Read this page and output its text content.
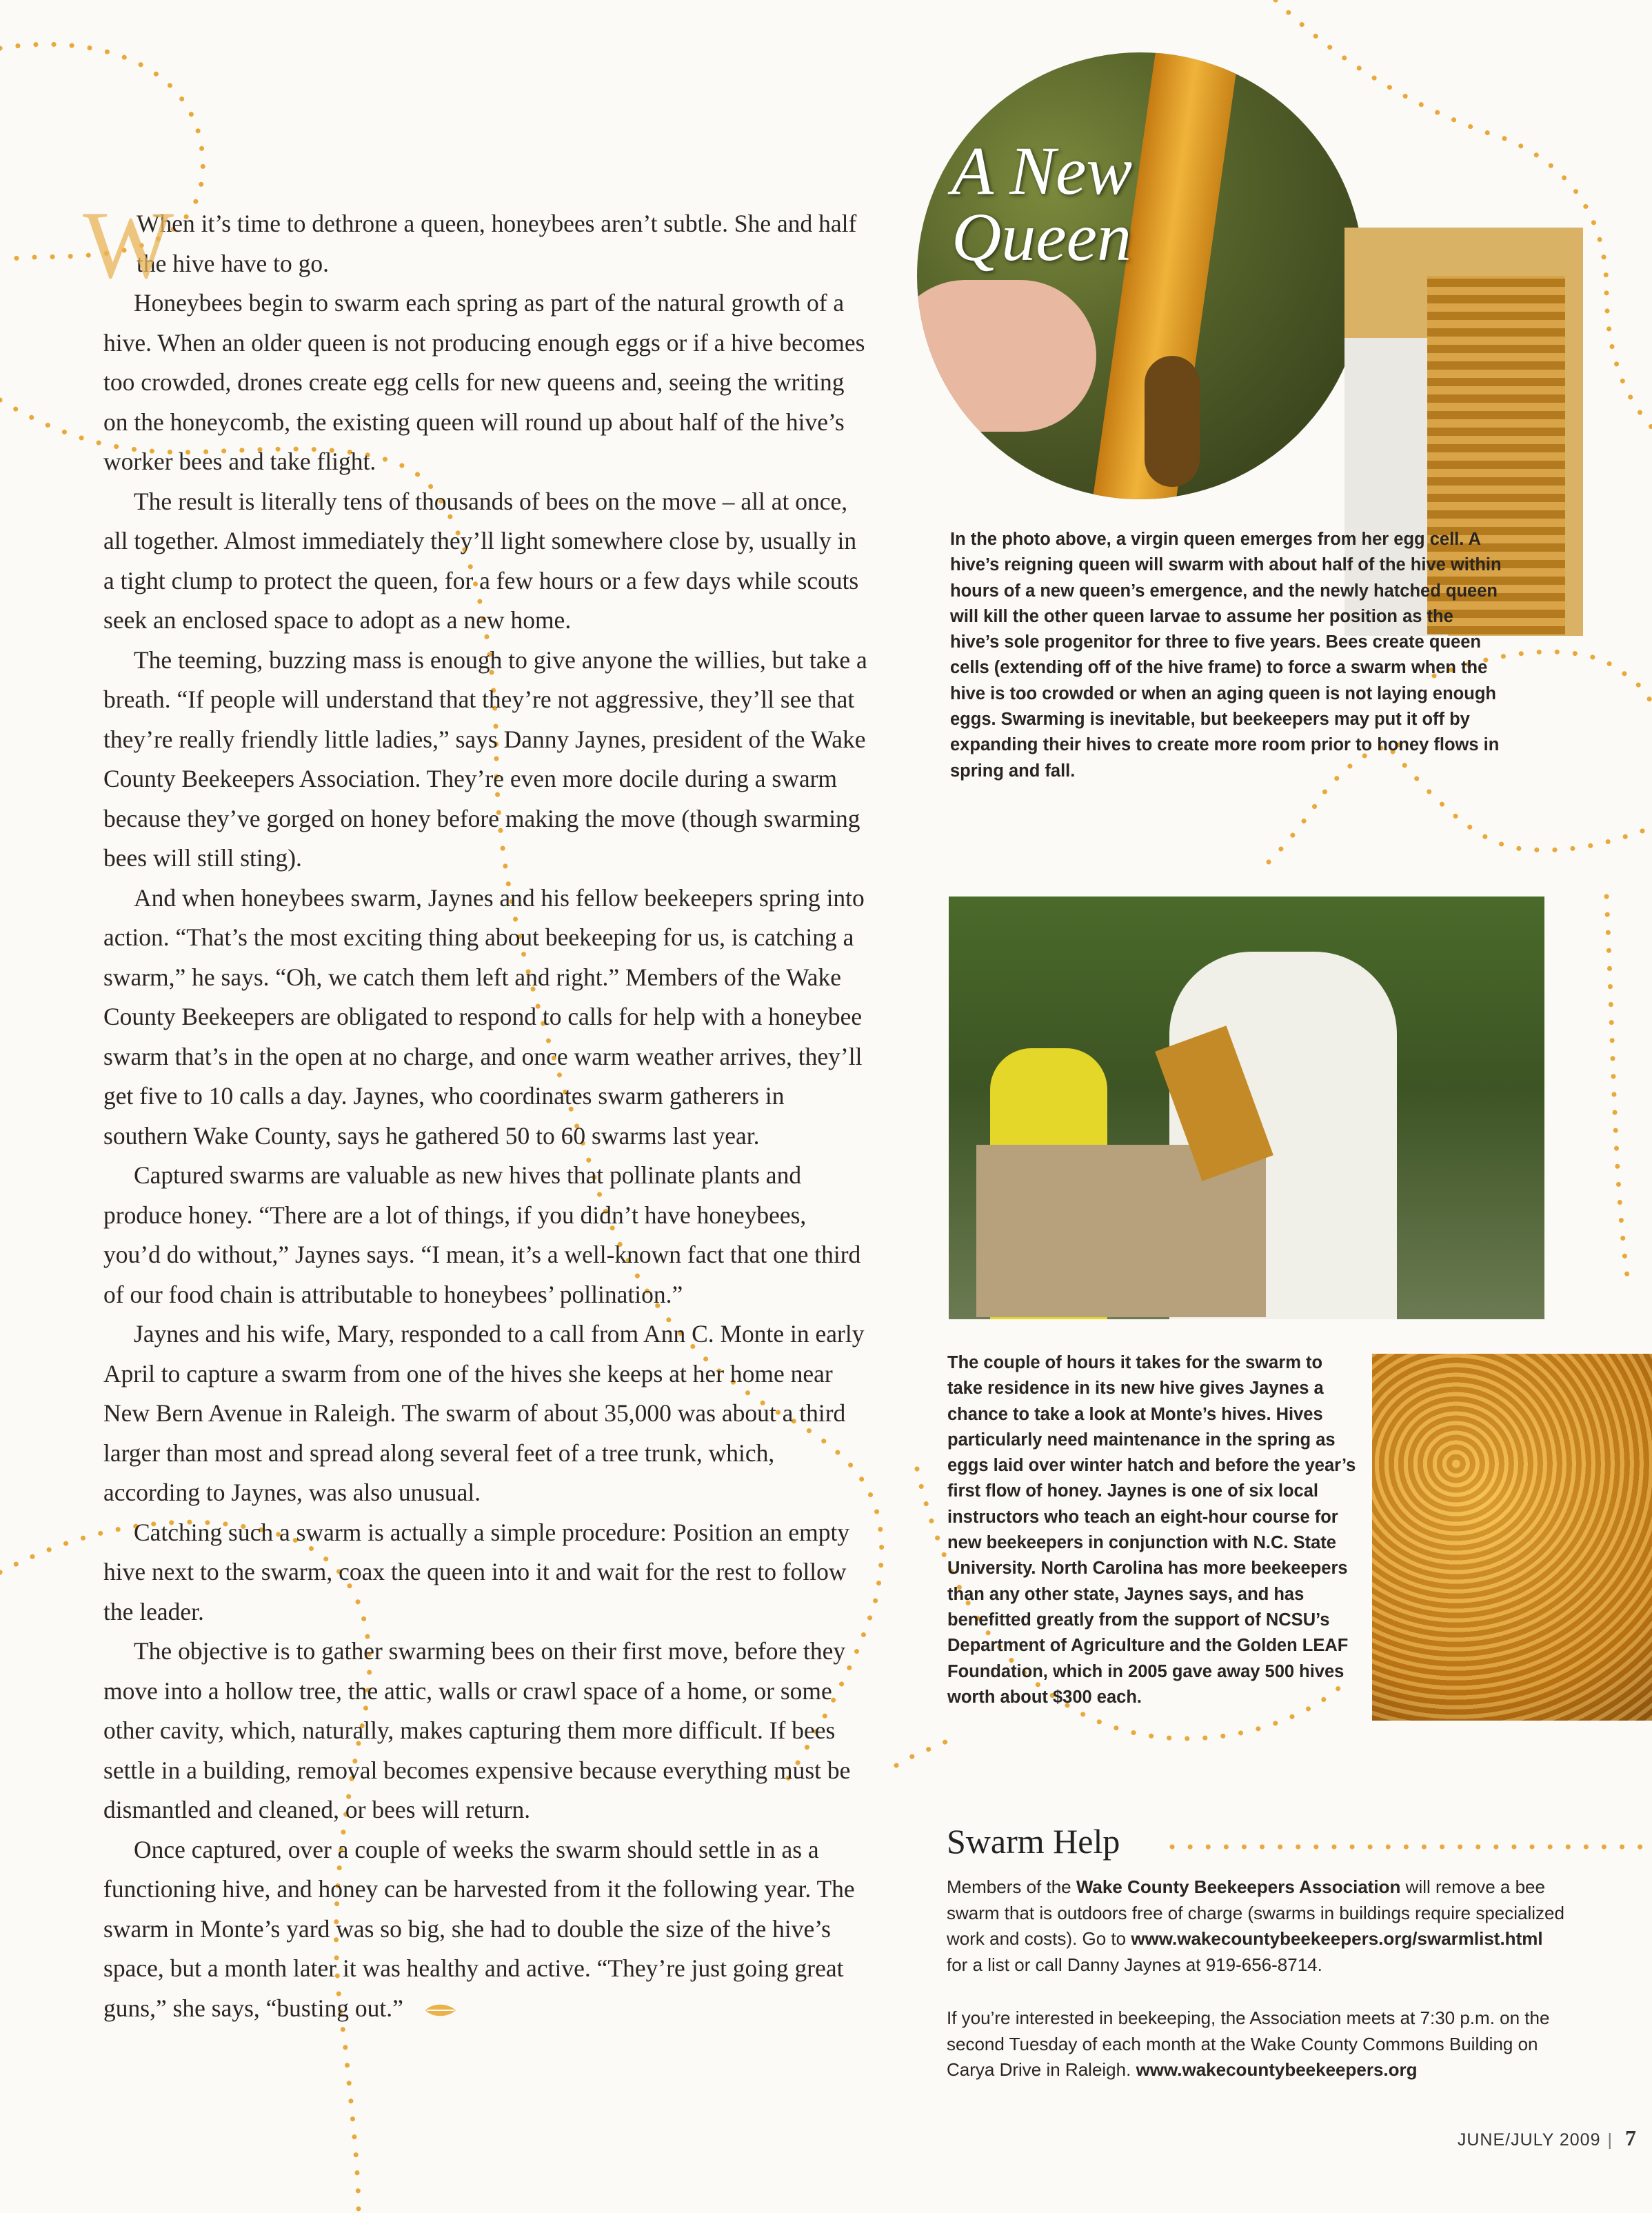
W

When it’s time to dethrone a queen, honeybees aren’t subtle. She and half the hive have to go.

Honeybees begin to swarm each spring as part of the natural growth of a hive. When an older queen is not producing enough eggs or if a hive becomes too crowded, drones create egg cells for new queens and, seeing the writing on the honeycomb, the existing queen will round up about half of the hive’s worker bees and take flight.

The result is literally tens of thousands of bees on the move – all at once, all together. Almost immediately they’ll light somewhere close by, usually in a tight clump to protect the queen, for a few hours or a few days while scouts seek an enclosed space to adopt as a new home.

The teeming, buzzing mass is enough to give anyone the willies, but take a breath. “If people will understand that they’re not aggressive, they’ll see that they’re really friendly little ladies,” says Danny Jaynes, president of the Wake County Beekeepers Association. They’re even more docile during a swarm because they’ve gorged on honey before making the move (though swarming bees will still sting).

And when honeybees swarm, Jaynes and his fellow beekeepers spring into action. “That’s the most exciting thing about beekeeping for us, is catching a swarm,” he says. “Oh, we catch them left and right.” Members of the Wake County Beekeepers are obligated to respond to calls for help with a honeybee swarm that’s in the open at no charge, and once warm weather arrives, they’ll get five to 10 calls a day. Jaynes, who coordinates swarm gatherers in southern Wake County, says he gathered 50 to 60 swarms last year.

Captured swarms are valuable as new hives that pollinate plants and produce honey. “There are a lot of things, if you didn’t have honeybees, you’d do without,” Jaynes says. “I mean, it’s a well-known fact that one third of our food chain is attributable to honeybees’ pollination.”

Jaynes and his wife, Mary, responded to a call from Ann C. Monte in early April to capture a swarm from one of the hives she keeps at her home near New Bern Avenue in Raleigh. The swarm of about 35,000 was about a third larger than most and spread along several feet of a tree trunk, which, according to Jaynes, was also unusual.

Catching such a swarm is actually a simple procedure: Position an empty hive next to the swarm, coax the queen into it and wait for the rest to follow the leader.

The objective is to gather swarming bees on their first move, before they move into a hollow tree, the attic, walls or crawl space of a home, or some other cavity, which, naturally, makes capturing them more difficult. If bees settle in a building, removal becomes expensive because everything must be dismantled and cleaned, or bees will return.

Once captured, over a couple of weeks the swarm should settle in as a functioning hive, and honey can be harvested from it the following year. The swarm in Monte’s yard was so big, she had to double the size of the hive’s space, but a month later it was healthy and active. “They’re just going great guns,” she says, “busting out.”

A New
Queen
In the photo above, a virgin queen emerges from her egg cell. A hive’s reigning queen will swarm with about half of the hive within hours of a new queen’s emergence, and the newly hatched queen will kill the other queen larvae to assume her position as the hive’s sole progenitor for three to five years. Bees create queen cells (extending off of the hive frame) to force a swarm when the hive is too crowded or when an aging queen is not laying enough eggs. Swarming is inevitable, but beekeepers may put it off by expanding their hives to create more room prior to honey flows in spring and fall.
The couple of hours it takes for the swarm to take residence in its new hive gives Jaynes a chance to take a look at Monte’s hives. Hives particularly need maintenance in the spring as eggs laid over winter hatch and before the year’s first flow of honey. Jaynes is one of six local instructors who teach an eight-hour course for new beekeepers in conjunction with N.C. State University. North Carolina has more beekeepers than any other state, Jaynes says, and has benefitted greatly from the support of NCSU’s Department of Agriculture and the Golden LEAF Foundation, which in 2005 gave away 500 hives worth about $300 each.
Swarm Help

Members of the Wake County Beekeepers Association will remove a bee swarm that is outdoors free of charge (swarms in buildings require specialized work and costs). Go to www.wakecountybeekeepers.org/swarmlist.html for a list or call Danny Jaynes at 919-656-8714.

If you’re interested in beekeeping, the Association meets at 7:30 p.m. on the second Tuesday of each month at the Wake County Commons Building on Carya Drive in Raleigh. www.wakecountybeekeepers.org

JUNE/JULY 2009 | 7
